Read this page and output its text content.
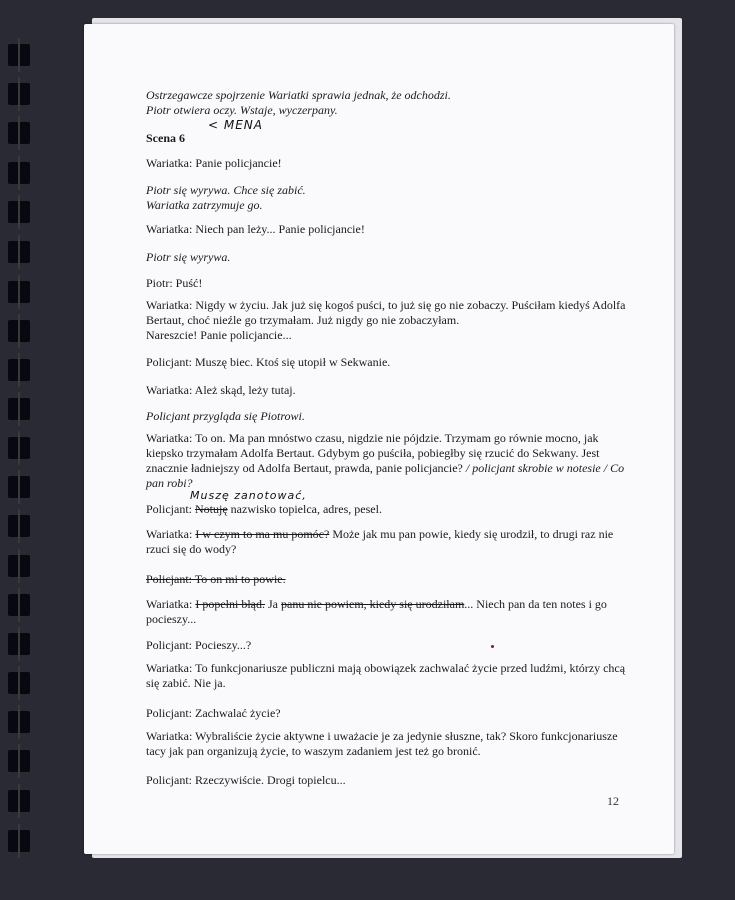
Ostrzegawcze spojrzenie Wariatki sprawia jednak, że odchodzi.
Piotr otwiera oczy. Wstaje, wyczerpany.
Scena 6
< MENA
Wariatka: Panie policjancie!
Piotr się wyrywa. Chce się zabić.
Wariatka zatrzymuje go.
Wariatka: Niech pan leży... Panie policjancie!
Piotr się wyrywa.
Piotr: Puść!
Wariatka: Nigdy w życiu. Jak już się kogoś puści, to już się go nie zobaczy. Puściłam kiedyś Adolfa
Bertaut, choć nieźle go trzymałam. Już nigdy go nie zobaczyłam.
Nareszcie! Panie policjancie...
Policjant: Muszę biec. Ktoś się utopił w Sekwanie.
Wariatka: Ależ skąd, leży tutaj.
Policjant przygląda się Piotrowi.
Wariatka: To on. Ma pan mnóstwo czasu, nigdzie nie pójdzie. Trzymam go równie mocno, jak
kiepsko trzymałam Adolfa Bertaut. Gdybym go puściła, pobiegłby się rzucić do Sekwany. Jest
znacznie ładniejszy od Adolfa Bertaut, prawda, panie policjancie? / policjant skrobie w notesie / Co
pan robi?
Muszę zanotować,
Policjant: Notuję nazwisko topielca, adres, pesel.
Wariatka: I w czym to ma mu pomóc? Może jak mu pan powie, kiedy się urodził, to drugi raz nie
rzuci się do wody?
Policjant: To on mi to powie.
Wariatka: I popełni błąd. Ja panu nie powiem, kiedy się urodziłam... Niech pan da ten notes i go
pocieszy...
Policjant: Pocieszy...?
Wariatka: To funkcjonariusze publiczni mają obowiązek zachwalać życie przed ludźmi, którzy chcą
się zabić. Nie ja.
Policjant: Zachwalać życie?
Wariatka: Wybraliście życie aktywne i uważacie je za jedynie słuszne, tak? Skoro funkcjonariusze
tacy jak pan organizują życie, to waszym zadaniem jest też go bronić.
Policjant: Rzeczywiście. Drogi topielcu...
12
